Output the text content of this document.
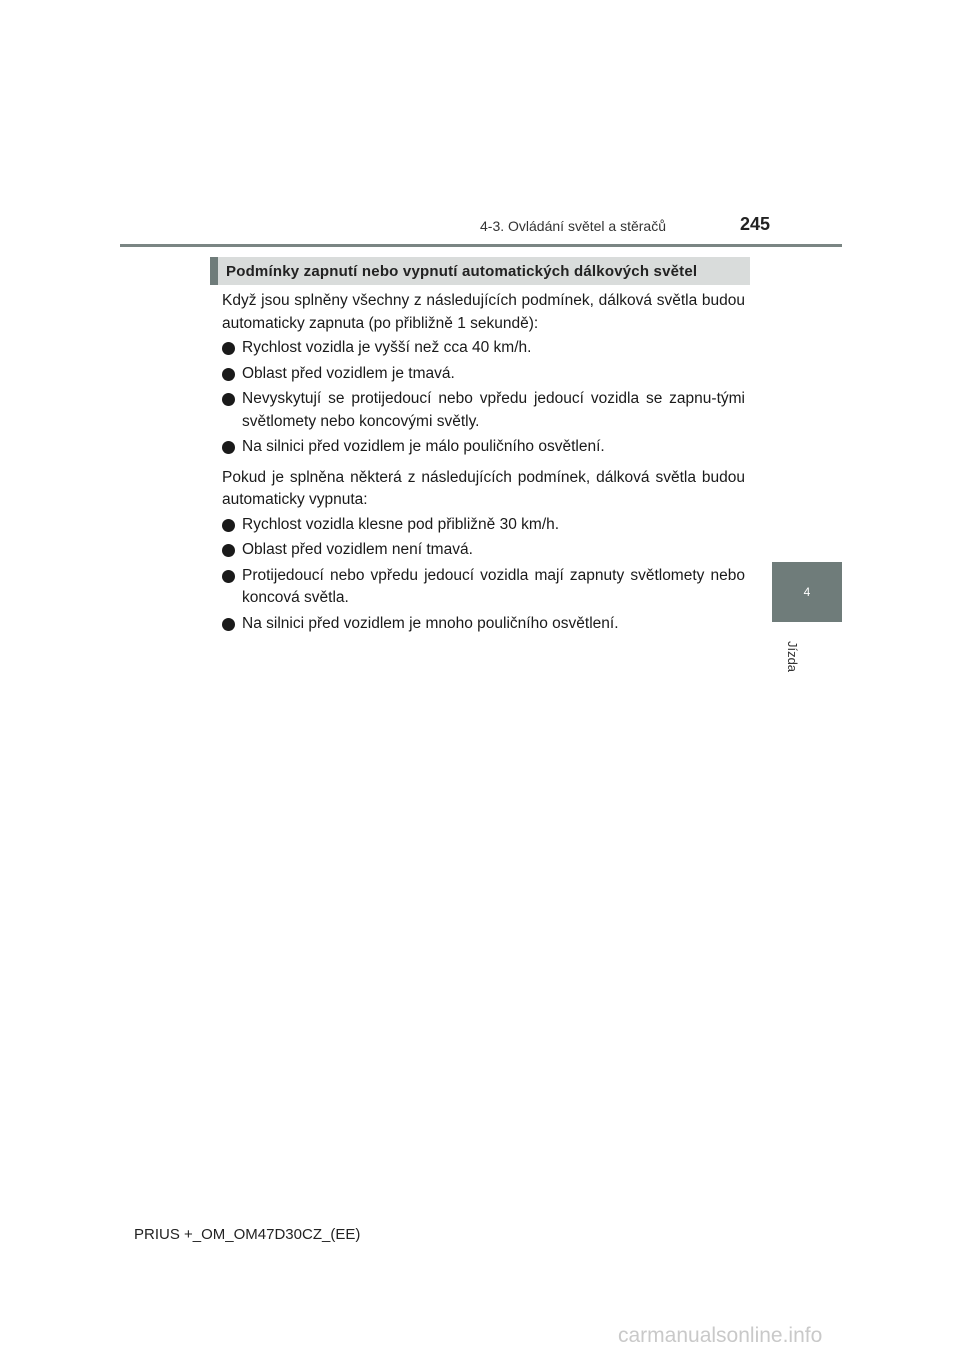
4-3. Ovládání světel a stěračů	245
4
Jízda
Podmínky zapnutí nebo vypnutí automatických dálkových světel

Když jsou splněny všechny z následujících podmínek, dálková světla budou automaticky zapnuta (po přibližně 1 sekundě):

Rychlost vozidla je vyšší než cca 40 km/h.
Oblast před vozidlem je tmavá.
Nevyskytují se protijedoucí nebo vpředu jedoucí vozidla se zapnu-tými světlomety nebo koncovými světly.
Na silnici před vozidlem je málo pouličního osvětlení.

Pokud je splněna některá z následujících podmínek, dálková světla budou automaticky vypnuta:

Rychlost vozidla klesne pod přibližně 30 km/h.
Oblast před vozidlem není tmavá.
Protijedoucí nebo vpředu jedoucí vozidla mají zapnuty světlomety nebo koncová světla.
Na silnici před vozidlem je mnoho pouličního osvětlení.
PRIUS +_OM_OM47D30CZ_(EE)
carmanualsonline.info
